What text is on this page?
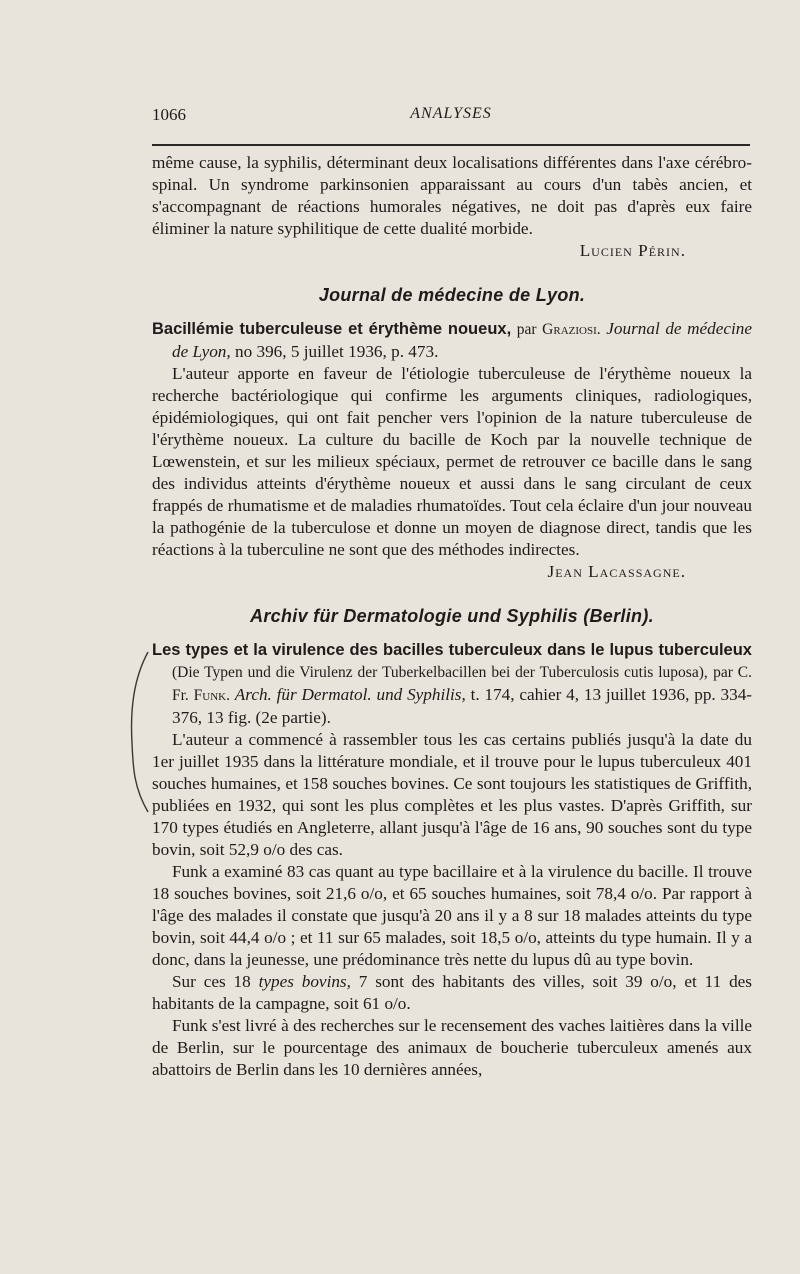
1066	ANALYSES

même cause, la syphilis, déterminant deux localisations différentes dans l'axe cérébro-spinal. Un syndrome parkinsonien apparaissant au cours d'un tabès ancien, et s'accompagnant de réactions humorales négatives, ne doit pas d'après eux faire éliminer la nature syphilitique de cette dualité morbide.

Lucien Périn.

Journal de médecine de Lyon.

Bacillémie tuberculeuse et érythème noueux, par Graziosi. Journal de médecine de Lyon, no 396, 5 juillet 1936, p. 473.

L'auteur apporte en faveur de l'étiologie tuberculeuse de l'érythème noueux la recherche bactériologique qui confirme les arguments cliniques, radiologiques, épidémiologiques, qui ont fait pencher vers l'opinion de la nature tuberculeuse de l'érythème noueux. La culture du bacille de Koch par la nouvelle technique de Lœwenstein, et sur les milieux spéciaux, permet de retrouver ce bacille dans le sang des individus atteints d'érythème noueux et aussi dans le sang circulant de ceux frappés de rhumatisme et de maladies rhumatoïdes. Tout cela éclaire d'un jour nouveau la pathogénie de la tuberculose et donne un moyen de diagnose direct, tandis que les réactions à la tuberculine ne sont que des méthodes indirectes.

Jean Lacassagne.

Archiv für Dermatologie und Syphilis (Berlin).

Les types et la virulence des bacilles tuberculeux dans le lupus tuberculeux (Die Typen und die Virulenz der Tuberkelbacillen bei der Tuberculosis cutis luposa), par C. Fr. Funk. Arch. für Dermatol. und Syphilis, t. 174, cahier 4, 13 juillet 1936, pp. 334-376, 13 fig. (2e partie).

L'auteur a commencé à rassembler tous les cas certains publiés jusqu'à la date du 1er juillet 1935 dans la littérature mondiale, et il trouve pour le lupus tuberculeux 401 souches humaines, et 158 souches bovines. Ce sont toujours les statistiques de Griffith, publiées en 1932, qui sont les plus complètes et les plus vastes. D'après Griffith, sur 170 types étudiés en Angleterre, allant jusqu'à l'âge de 16 ans, 90 souches sont du type bovin, soit 52,9 o/o des cas.

Funk a examiné 83 cas quant au type bacillaire et à la virulence du bacille. Il trouve 18 souches bovines, soit 21,6 o/o, et 65 souches humaines, soit 78,4 o/o. Par rapport à l'âge des malades il constate que jusqu'à 20 ans il y a 8 sur 18 malades atteints du type bovin, soit 44,4 o/o ; et 11 sur 65 malades, soit 18,5 o/o, atteints du type humain. Il y a donc, dans la jeunesse, une prédominance très nette du lupus dû au type bovin.

Sur ces 18 types bovins, 7 sont des habitants des villes, soit 39 o/o, et 11 des habitants de la campagne, soit 61 o/o.

Funk s'est livré à des recherches sur le recensement des vaches laitières dans la ville de Berlin, sur le pourcentage des animaux de boucherie tuberculeux amenés aux abattoirs de Berlin dans les 10 dernières années,
